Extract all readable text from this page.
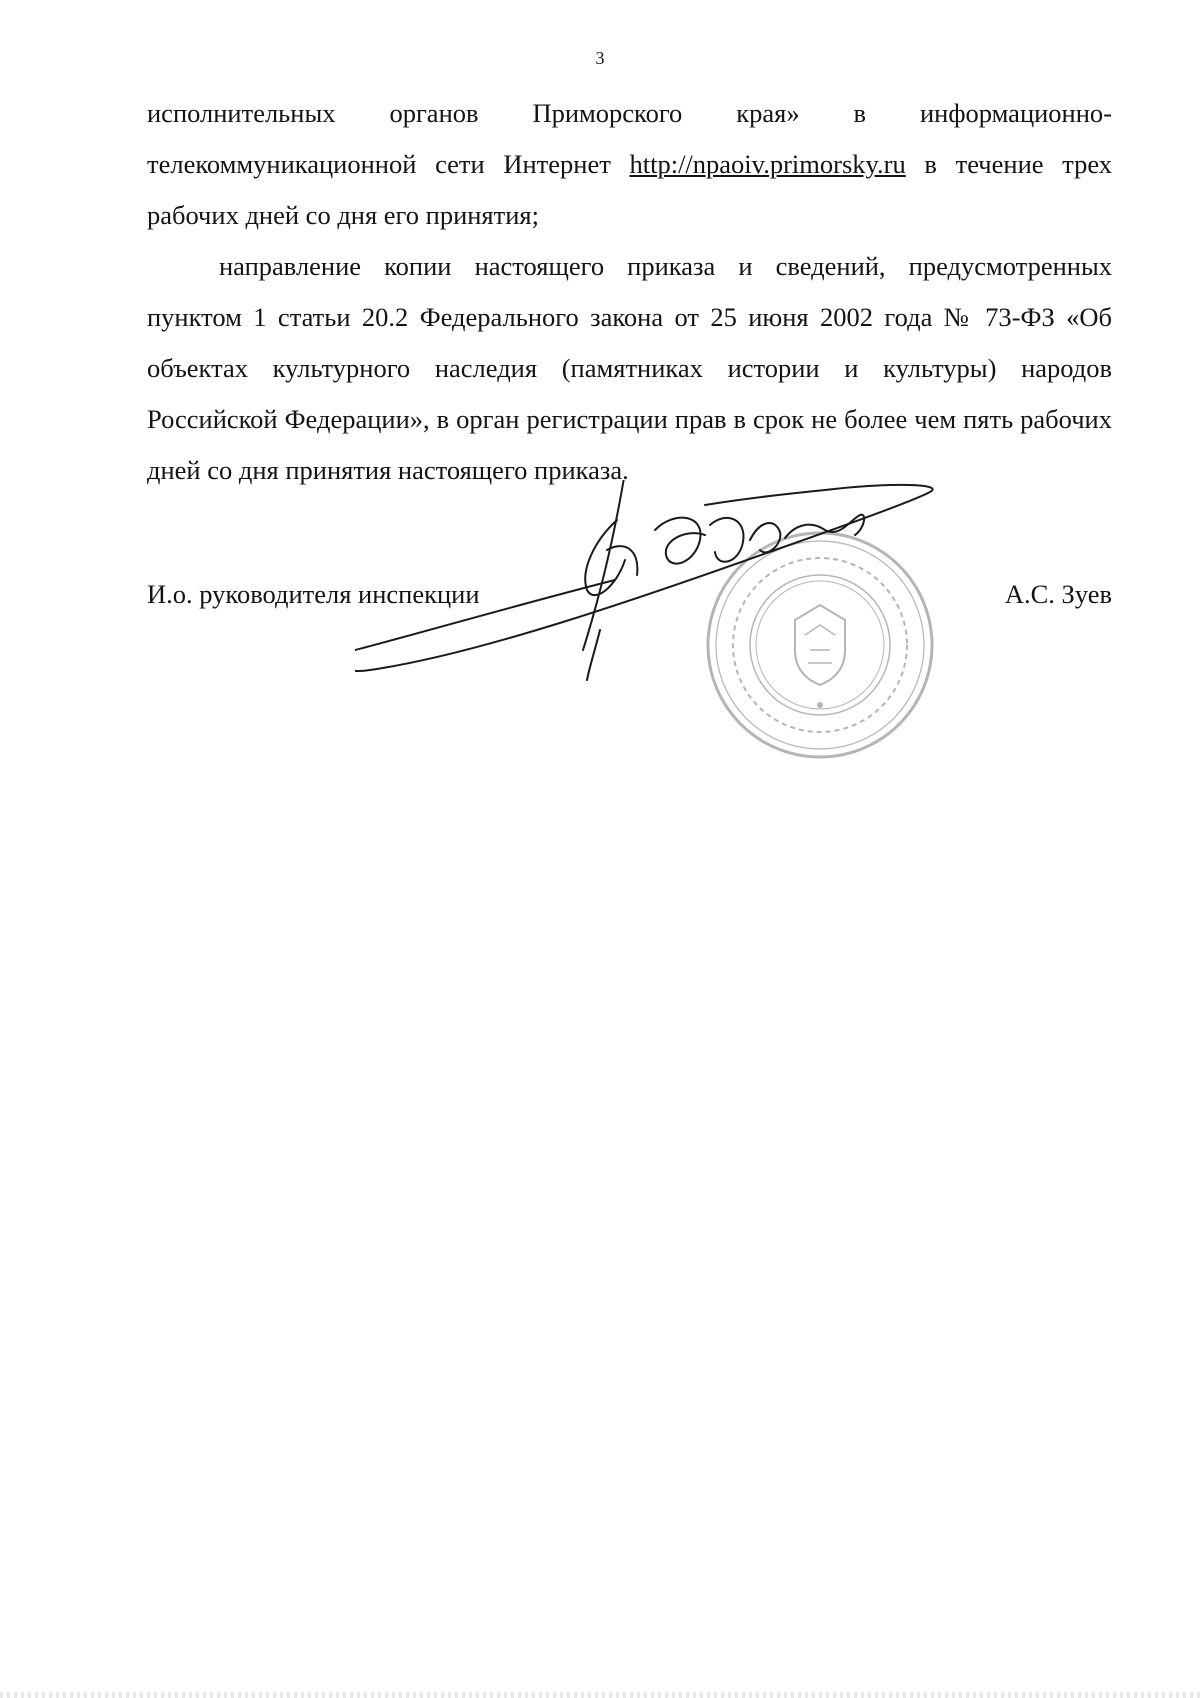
3

исполнительных органов Приморского края» в информационно-телекоммуникационной сети Интернет http://npaoiv.primorsky.ru в течение трех рабочих дней со дня его принятия;

направление копии настоящего приказа и сведений, предусмотренных пунктом 1 статьи 20.2 Федерального закона от 25 июня 2002 года № 73-ФЗ «Об объектах культурного наследия (памятниках истории и культуры) народов Российской Федерации», в орган регистрации прав в срок не более чем пять рабочих дней со дня принятия настоящего приказа.

И.о. руководителя инспекции	А.С. Зуев
